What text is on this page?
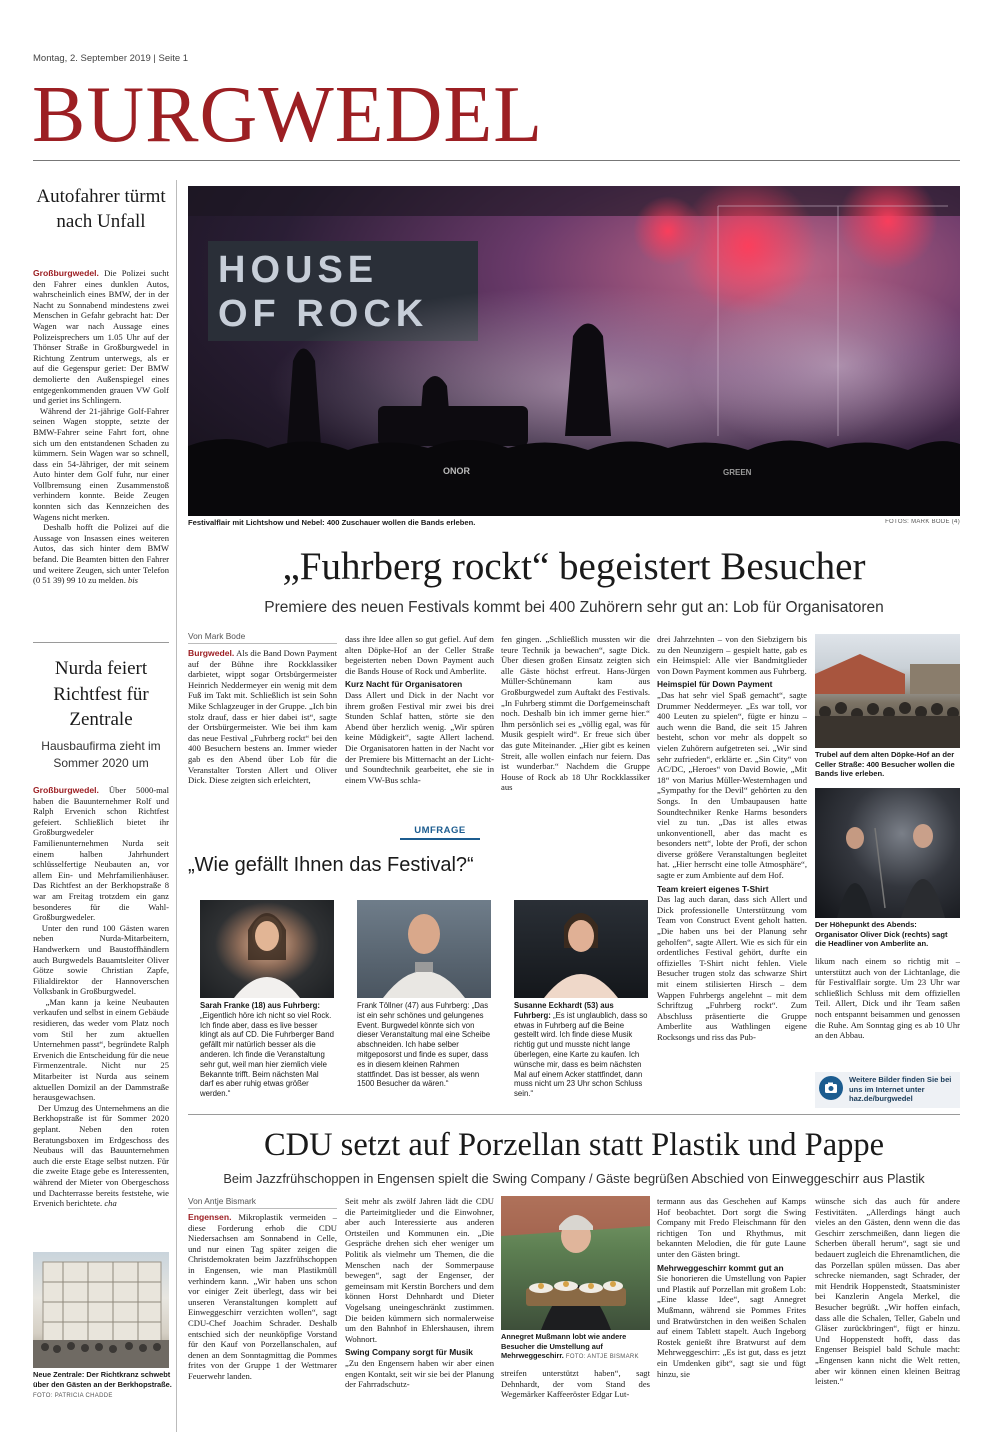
Montag, 2. September 2019 | Seite 1
BURGWEDEL
Autofahrer türmt nach Unfall
Großburgwedel. Die Polizei sucht den Fahrer eines dunklen Autos, wahrscheinlich eines BMW, der in der Nacht zu Sonnabend mindestens zwei Menschen in Gefahr gebracht hat: Der Wagen war nach Aussage eines Polizeisprechers um 1.05 Uhr auf der Thönser Straße in Großburgwedel in Richtung Zentrum unterwegs, als er auf die Gegenspur geriet: Der BMW demolierte den Außenspiegel eines entgegenkommenden grauen VW Golf und geriet ins Schlingern.
Während der 21-jährige Golf-Fahrer seinen Wagen stoppte, setzte der BMW-Fahrer seine Fahrt fort, ohne sich um den entstandenen Schaden zu kümmern. Sein Wagen war so schnell, dass ein 54-Jähriger, der mit seinem Auto hinter dem Golf fuhr, nur einer Vollbremsung einen Zusammenstoß verhindern konnte. Beide Zeugen konnten sich das Kennzeichen des Wagens nicht merken.
Deshalb hofft die Polizei auf die Aussage von Insassen eines weiteren Autos, das sich hinter dem BMW befand. Die Beamten bitten den Fahrer und weitere Zeugen, sich unter Telefon (0 51 39) 99 10 zu melden. bis
Nurda feiert Richtfest für Zentrale
Hausbaufirma zieht im Sommer 2020 um
Großburgwedel. Über 5000-mal haben die Bauunternehmer Rolf und Ralph Ervenich schon Richtfest gefeiert. Schließlich bietet ihr Großburgwedeler Familienunternehmen Nurda seit einem halben Jahrhundert schlüsselfertige Neubauten an, vor allem Ein- und Mehrfamilienhäuser. Das Richtfest an der Berkhopstraße 8 war am Freitag trotzdem ein ganz besonderes für die Wahl-Großburgwedeler.
Unter den rund 100 Gästen waren neben Nurda-Mitarbeitern, Handwerkern und Baustoffhändlern auch Burgwedels Bauamtsleiter Oliver Götze sowie Christian Zapfe, Filialdirektor der Hannoverschen Volksbank in Großburgwedel.
„Man kann ja keine Neubauten verkaufen und selbst in einem Gebäude residieren, das weder vom Platz noch vom Stil her zum aktuellen Unternehmen passt“, begründete Ralph Ervenich die Entscheidung für die neue Firmenzentrale. Nicht nur 25 Mitarbeiter ist Nurda aus seinem aktuellen Domizil an der Dammstraße herausgewachsen.
Der Umzug des Unternehmens an die Berkhopstraße ist für Sommer 2020 geplant. Neben den roten Beratungsboxen im Erdgeschoss des Neubaus will das Bauunternehmen auch die erste Etage selbst nutzen. Für die zweite Etage gebe es Interessenten, während der Mieter von Obergeschoss und Dachterrasse bereits feststehe, wie Ervenich berichtete. cha
Neue Zentrale: Der Richtkranz schwebt über den Gästen an der Berkhopstraße. FOTO: PATRICIA CHADDE
HOUSE
OF ROCK
ONOR	GREEN
Festivalflair mit Lichtshow und Nebel: 400 Zuschauer wollen die Bands erleben.	FOTOS: MARK BODE (4)
„Fuhrberg rockt“ begeistert Besucher
Premiere des neuen Festivals kommt bei 400 Zuhörern sehr gut an: Lob für Organisatoren
Von Mark Bode
Burgwedel. Als die Band Down Payment auf der Bühne ihre Rockklassiker darbietet, wippt sogar Ortsbürgermeister Heinrich Neddermeyer ein wenig mit dem Fuß im Takt mit. Schließlich ist sein Sohn Mike Schlagzeuger in der Gruppe. „Ich bin stolz drauf, dass er hier dabei ist“, sagte der Ortsbürgermeister. Wie bei ihm kam das neue Festival „Fuhrberg rockt“ bei den 400 Besuchern bestens an. Immer wieder gab es den Abend über Lob für die Veranstalter Torsten Allert und Oliver Dick. Diese zeigten sich erleichtert,
dass ihre Idee allen so gut gefiel. Auf dem alten Döpke-Hof an der Celler Straße begeisterten neben Down Payment auch die Bands House of Rock und Amberlite.
Kurz Nacht für Organisatoren
Dass Allert und Dick in der Nacht vor ihrem großen Festival mir zwei bis drei Stunden Schlaf hatten, störte sie den Abend über herzlich wenig. „Wir spüren keine Müdigkeit“, sagte Allert lachend. Die Organisatoren hatten in der Nacht vor der Premiere bis Mitternacht an der Licht- und Soundtechnik gearbeitet, ehe sie in einem VW-Bus schla-
fen gingen. „Schließlich mussten wir die teure Technik ja bewachen“, sagte Dick. Über diesen großen Einsatz zeigten sich alle Gäste höchst erfreut. Hans-Jürgen Müller-Schünemann kam aus Großburgwedel zum Auftakt des Festivals. „In Fuhrberg stimmt die Dorfgemeinschaft noch. Deshalb bin ich immer gerne hier.“ Ihm persönlich sei es „völlig egal, was für Musik gespielt wird“. Er freue sich über das gute Miteinander. „Hier gibt es keinen Streit, alle wollen einfach nur feiern. Das ist wunderbar.“ Nachdem die Gruppe House of Rock ab 18 Uhr Rockklassiker aus
UMFRAGE
„Wie gefällt Ihnen das Festival?“
Sarah Franke (18) aus Fuhrberg: „Eigentlich höre ich nicht so viel Rock. Ich finde aber, dass es live besser klingt als auf CD. Die Fuhrberger Band gefällt mir natürlich besser als die anderen. Ich finde die Veranstaltung sehr gut, weil man hier ziemlich viele Bekannte trifft. Beim nächsten Mal darf es aber ruhig etwas größer werden.“
Frank Töllner (47) aus Fuhrberg: „Das ist ein sehr schönes und gelungenes Event. Burgwedel könnte sich von dieser Veranstaltung mal eine Scheibe abschneiden. Ich habe selber mitgeposorst und finde es super, dass es in diesem kleinen Rahmen stattfindet. Das ist besser, als wenn 1500 Besucher da wären.“
Susanne Eckhardt (53) aus Fuhrberg: „Es ist unglaublich, dass so etwas in Fuhrberg auf die Beine gestellt wird. Ich finde diese Musik richtig gut und musste nicht lange überlegen, eine Karte zu kaufen. Ich wünsche mir, dass es beim nächsten Mal auf einem Acker stattfindet, dann muss nicht um 23 Uhr schon Schluss sein.“
drei Jahrzehnten – von den Siebzigern bis zu den Neunzigern – gespielt hatte, gab es ein Heimspiel: Alle vier Bandmitglieder von Down Payment kommen aus Fuhrberg.
Heimspiel für Down Payment
„Das hat sehr viel Spaß gemacht“, sagte Drummer Neddermeyer. „Es war toll, vor 400 Leuten zu spielen“, fügte er hinzu – auch wenn die Band, die seit 15 Jahren besteht, schon vor mehr als doppelt so vielen Zuhörern aufgetreten sei. „Wir sind sehr zufrieden“, erklärte er. „Sin City“ von AC/DC, „Heroes“ von David Bowie, „Mit 18“ von Marius Müller-Westernhagen und „Sympathy for the Devil“ gehörten zu den Songs. In den Umbaupausen hatte Soundtechniker Renke Harms besonders viel zu tun. „Das ist alles etwas unkonventionell, aber das macht es besonders nett“, lobte der Profi, der schon diverse größere Veranstaltungen begleitet hat. „Hier herrscht eine tolle Atmosphäre“, sagte er zum Ambiente auf dem Hof.
Team kreiert eigenes T-Shirt
Das lag auch daran, dass sich Allert und Dick professionelle Unterstützung vom Team von Construct Event geholt hatten. „Die haben uns bei der Planung sehr geholfen“, sagte Allert. Wie es sich für ein ordentliches Festival gehört, durfte ein offizielles T-Shirt nicht fehlen. Viele Besucher trugen stolz das schwarze Shirt mit einem stilisierten Hirsch – dem Wappen Fuhrbergs angelehnt – mit dem Schriftzug „Fuhrberg rockt“. Zum Abschluss präsentierte die Gruppe Amberlite aus Wathlingen eigene Rocksongs und riss das Pub-
Trubel auf dem alten Döpke-Hof an der Celler Straße: 400 Besucher wollen die Bands live erleben.
Der Höhepunkt des Abends: Organisator Oliver Dick (rechts) sagt die Headliner von Amberlite an.
likum nach einem so richtig mit – unterstützt auch von der Lichtanlage, die für Festivalflair sorgte. Um 23 Uhr war schließlich Schluss mit dem offiziellen Teil. Allert, Dick und ihr Team saßen noch entspannt beisammen und genossen die Ruhe. Am Sonntag ging es ab 10 Uhr an den Abbau.
Weitere Bilder finden Sie bei uns im Internet unter haz.de/burgwedel
CDU setzt auf Porzellan statt Plastik und Pappe
Beim Jazzfrühschoppen in Engensen spielt die Swing Company / Gäste begrüßen Abschied von Einweggeschirr aus Plastik
Von Antje Bismark
Engensen. Mikroplastik vermeiden – diese Forderung erhob die CDU Niedersachsen am Sonnabend in Celle, und nur einen Tag später zeigen die Christdemokraten beim Jazzfrühschoppen in Engensen, wie man Plastikmüll verhindern kann. „Wir haben uns schon vor einiger Zeit überlegt, dass wir bei unseren Veranstaltungen komplett auf Einweggeschirr verzichten wollen“, sagt CDU-Chef Joachim Schrader. Deshalb entschied sich der neunköpfige Vorstand für den Kauf von Porzellanschalen, auf denen an dem Sonntagmittag die Pommes frites von der Gruppe 1 der Wettmarer Feuerwehr landen.
Seit mehr als zwölf Jahren lädt die CDU die Parteimitglieder und die Einwohner, aber auch Interessierte aus anderen Ortsteilen und Kommunen ein. „Die Gespräche drehen sich eher weniger um Politik als vielmehr um Themen, die die Menschen nach der Sommerpause bewegen“, sagt der Engenser, der gemeinsam mit Kerstin Borchers und dem können Horst Dehnhardt und Dieter Vogelsang uneingeschränkt zustimmen. Die beiden kümmern sich normalerweise um den Bahnhof in Ehlershausen, ihrem Wohnort.
Swing Company sorgt für Musik
„Zu den Engensern haben wir aber einen engen Kontakt, seit wir sie bei der Planung der Fahrradschutz-
Annegret Mußmann lobt wie andere Besucher die Umstellung auf Mehrweggeschirr. FOTO: ANTJE BISMARK
streifen unterstützt haben“, sagt Dehnhardt, der vom Stand des Wegemärker Kaffeeröster Edgar Lut-
termann aus das Geschehen auf Kamps Hof beobachtet. Dort sorgt die Swing Company mit Fredo Fleischmann für den richtigen Ton und Rhythmus, mit bekannten Melodien, die für gute Laune unter den Gästen bringt.
Mehrweggeschirr kommt gut an
Sie honorieren die Umstellung von Papier und Plastik auf Porzellan mit großem Lob: „Eine klasse Idee“, sagt Annegret Mußmann, während sie Pommes Frites und Bratwürstchen in den weißen Schalen auf einem Tablett stapelt. Auch Ingeborg Rostek genießt ihre Bratwurst auf dem Mehrweggeschirr: „Es ist gut, dass es jetzt ein Umdenken gibt“, sagt sie und fügt hinzu, sie
wünsche sich das auch für andere Festivitäten. „Allerdings hängt auch vieles an den Gästen, denn wenn die das Geschirr zerschmeißen, dann liegen die Scherben überall herum“, sagt sie und bedauert zugleich die Ehrenamtlichen, die das Porzellan spülen müssen. Das aber schrecke niemanden, sagt Schrader, der mit Hendrik Hoppenstedt, Staatsminister bei Kanzlerin Angela Merkel, die Besucher begrüßt. „Wir hoffen einfach, dass alle die Schalen, Teller, Gabeln und Gläser zurückbringen“, fügt er hinzu. Und Hoppenstedt hofft, dass das Engenser Beispiel bald Schule macht: „Engensen kann nicht die Welt retten, aber wir können einen kleinen Beitrag leisten.“
